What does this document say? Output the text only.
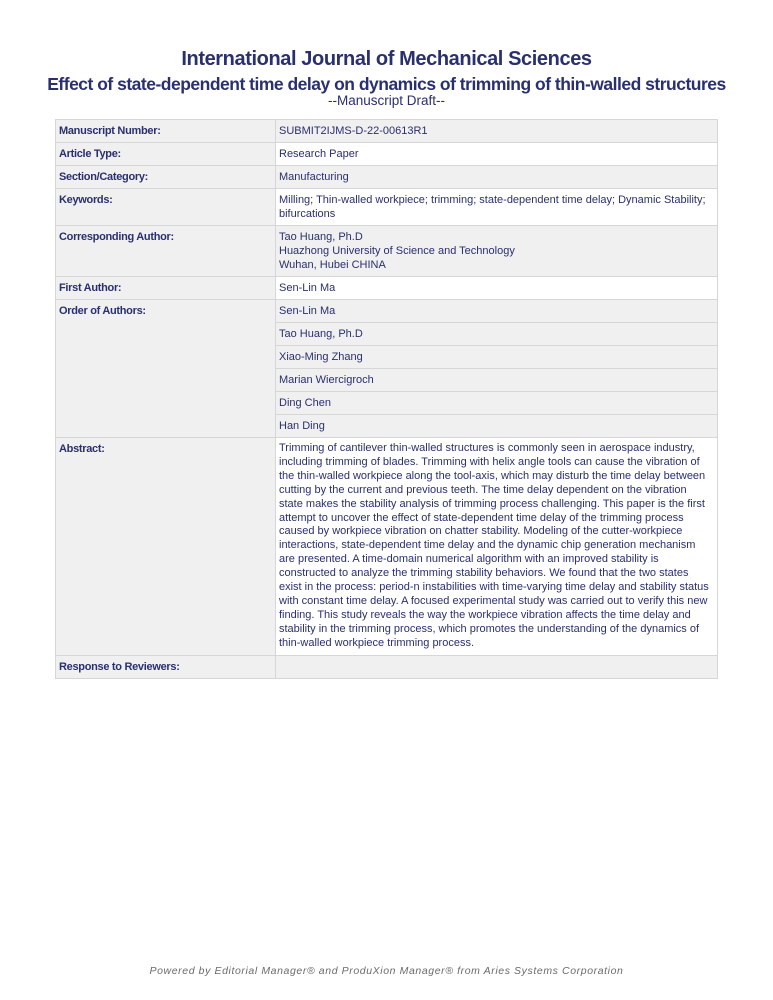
International Journal of Mechanical Sciences
Effect of state-dependent time delay on dynamics of trimming of thin-walled structures
--Manuscript Draft--
Manuscript Number:	SUBMIT2IJMS-D-22-00613R1
Article Type:	Research Paper
Section/Category:	Manufacturing
Keywords:	Milling; Thin-walled workpiece; trimming; state-dependent time delay; Dynamic Stability; bifurcations
Corresponding Author:	Tao Huang, Ph.D
Huazhong University of Science and Technology
Wuhan, Hubei CHINA

First Author:	Sen-Lin Ma
Order of Authors:	Sen-Lin Ma
	Tao Huang, Ph.D
	Xiao-Ming Zhang
	Marian Wiercigroch
	Ding Chen
	Han Ding
Abstract:	Trimming of cantilever thin-walled structures is commonly seen in aerospace industry, including trimming of blades. Trimming with helix angle tools can cause the vibration of the thin-walled workpiece along the tool-axis, which may disturb the time delay between cutting by the current and previous teeth. The time delay dependent on the vibration state makes the stability analysis of trimming process challenging. This paper is the first attempt to uncover the effect of state-dependent time delay of the trimming process caused by workpiece vibration on chatter stability. Modeling of the cutter-workpiece interactions, state-dependent time delay and the dynamic chip generation mechanism are presented. A time-domain numerical algorithm with an improved stability is constructed to analyze the trimming stability behaviors. We found that the two states exist in the process: period-n instabilities with time-varying time delay and stability status with constant time delay. A focused experimental study was carried out to verify this new finding. This study reveals the way the workpiece vibration affects the time delay and stability in the trimming process, which promotes the understanding of the dynamics of thin-walled workpiece trimming process.
Response to Reviewers:	
Powered by Editorial Manager® and ProduXion Manager® from Aries Systems Corporation
